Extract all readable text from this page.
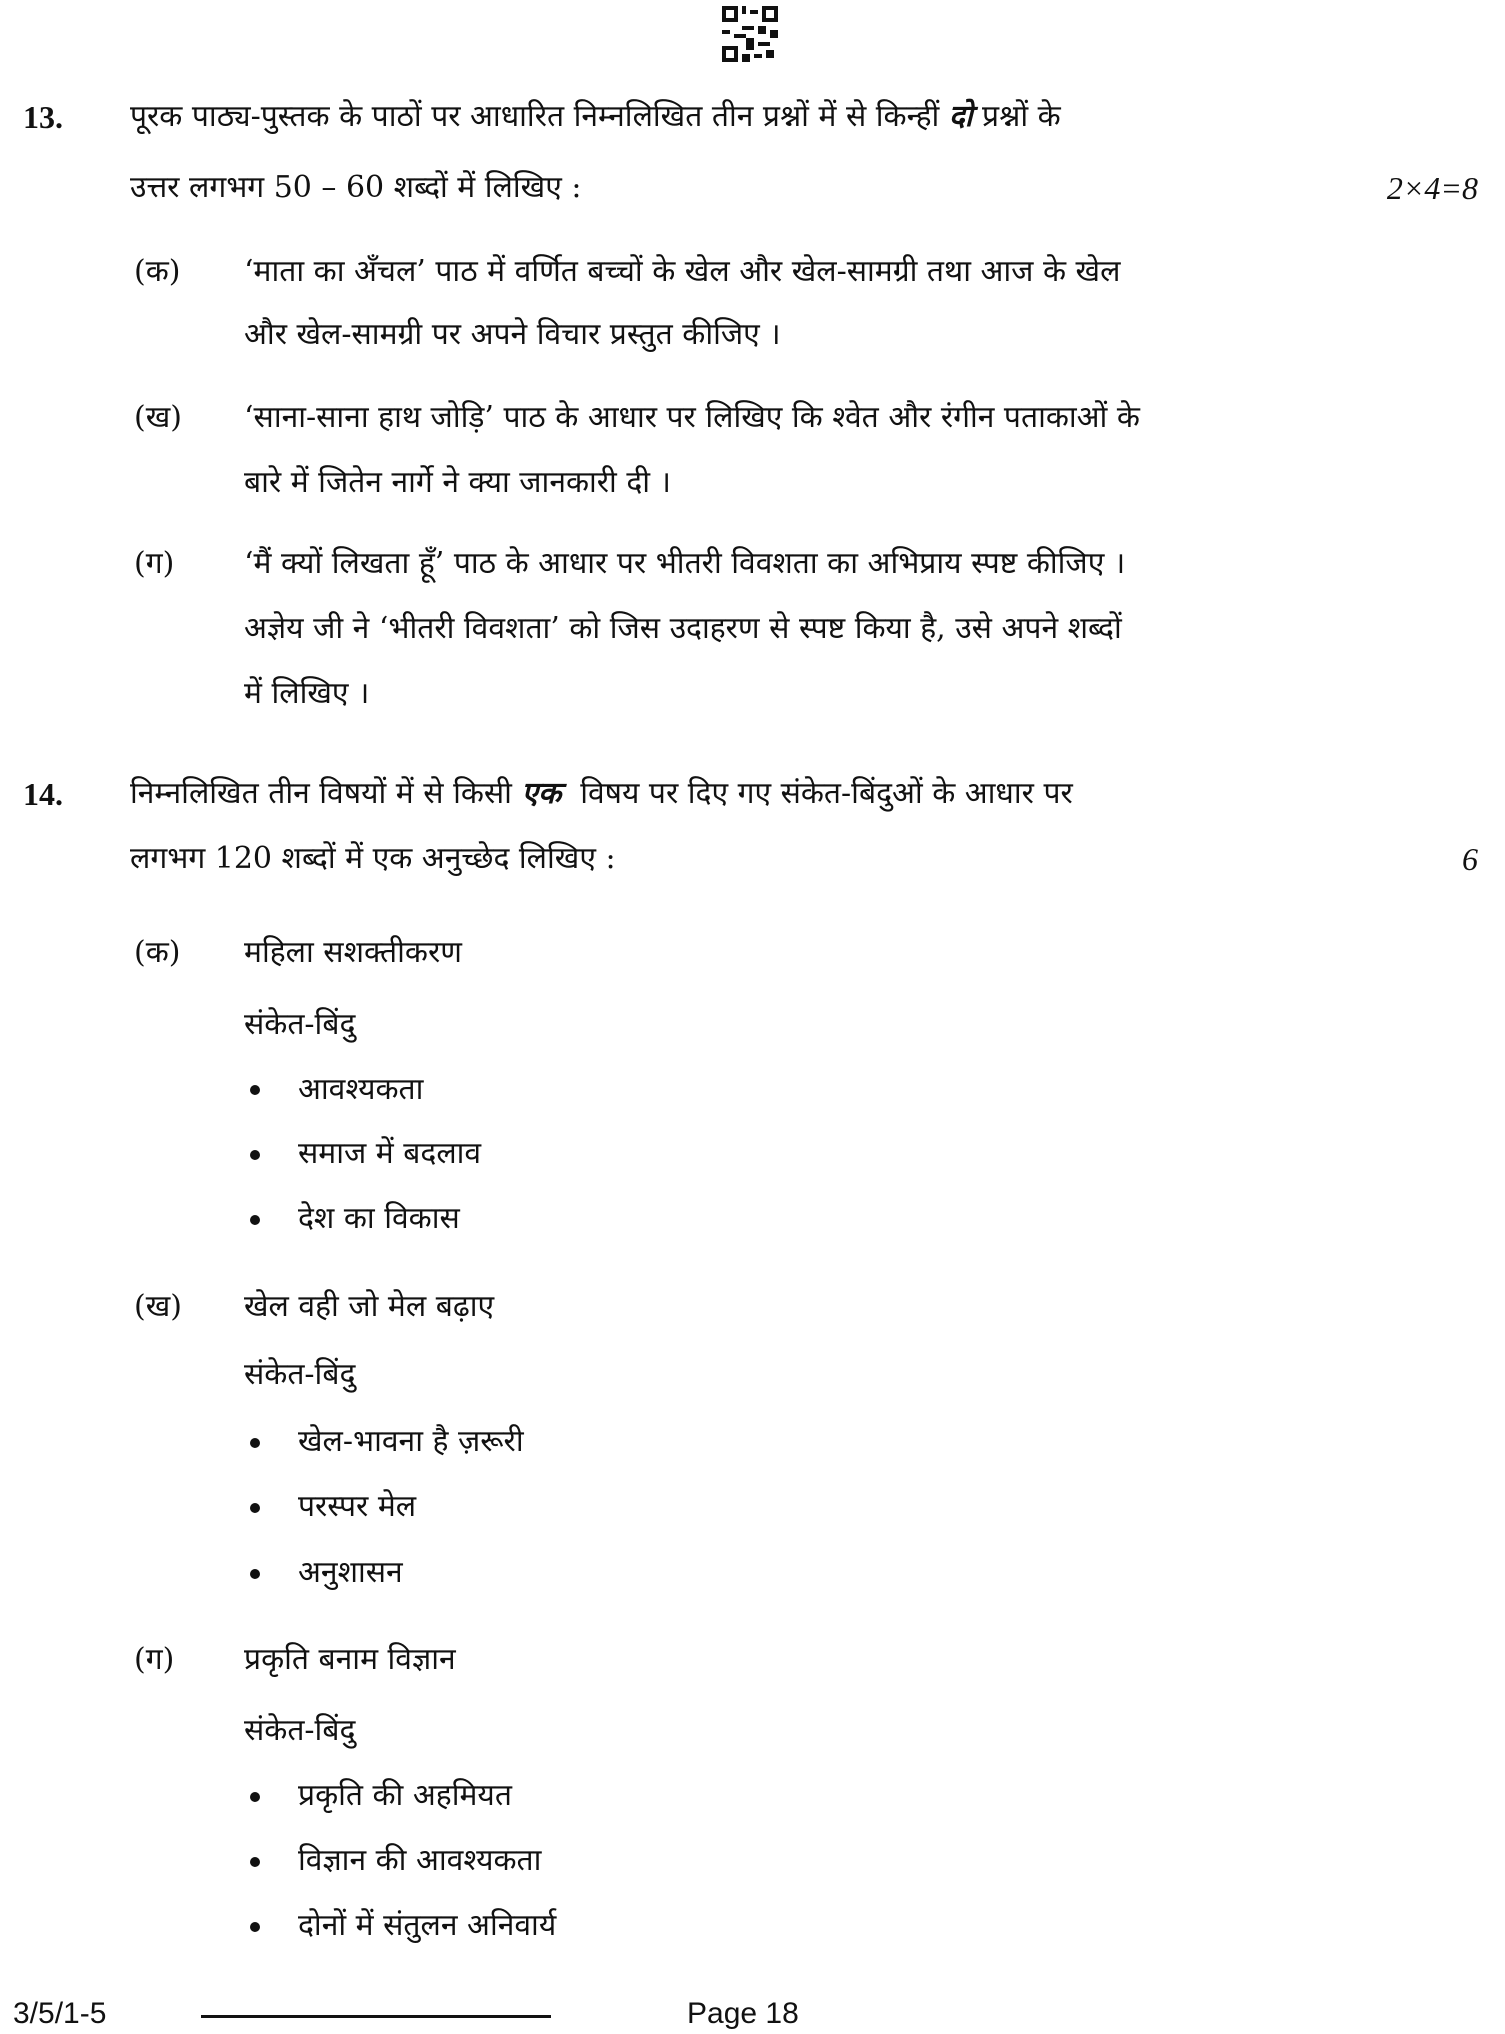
13. पूरक पाठ्य-पुस्तक के पाठों पर आधारित निम्नलिखित तीन प्रश्नों में से किन्हीं दो प्रश्नों के
उत्तर लगभग 50 – 60 शब्दों में लिखिए :	2×4=8
(क) ‘माता का अँचल’ पाठ में वर्णित बच्चों के खेल और खेल-सामग्री तथा आज के खेल
और खेल-सामग्री पर अपने विचार प्रस्तुत कीजिए ।
(ख) ‘साना-साना हाथ जोड़ि’ पाठ के आधार पर लिखिए कि श्वेत और रंगीन पताकाओं के
बारे में जितेन नार्गे ने क्या जानकारी दी ।
(ग) ‘मैं क्यों लिखता हूँ’ पाठ के आधार पर भीतरी विवशता का अभिप्राय स्पष्ट कीजिए ।
अज्ञेय जी ने ‘भीतरी विवशता’ को जिस उदाहरण से स्पष्ट किया है, उसे अपने शब्दों
में लिखिए ।
14. निम्नलिखित तीन विषयों में से किसी एक  विषय पर दिए गए संकेत-बिंदुओं के आधार पर
लगभग 120 शब्दों में एक अनुच्छेद लिखिए :	6
(क) महिला सशक्तीकरण
संकेत-बिंदु
आवश्यकता
समाज में बदलाव
देश का विकास
(ख) खेल वही जो मेल बढ़ाए
संकेत-बिंदु
खेल-भावना है ज़रूरी
परस्पर मेल
अनुशासन
(ग) प्रकृति बनाम विज्ञान
संकेत-बिंदु
प्रकृति की अहमियत
विज्ञान की आवश्यकता
दोनों में संतुलन अनिवार्य
3/5/1-5	Page 18
